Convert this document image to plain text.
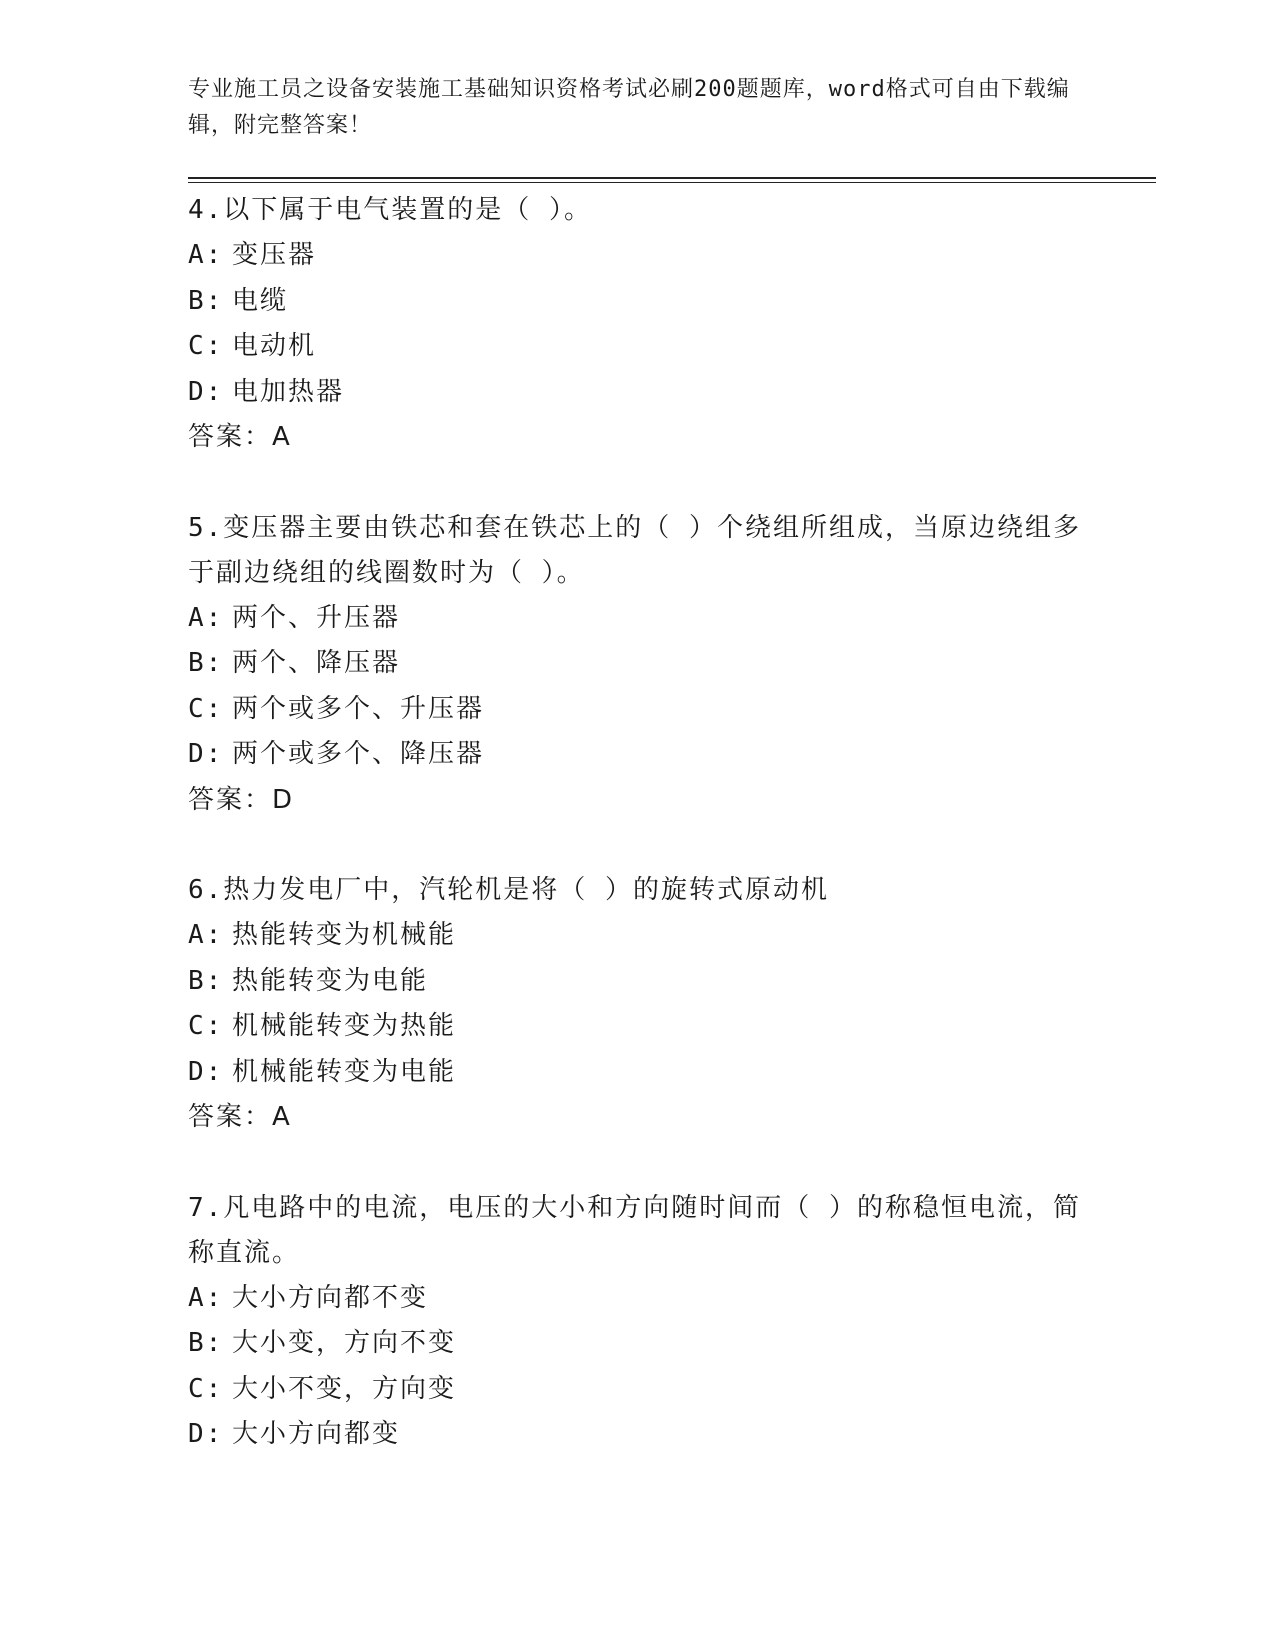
专业施工员之设备安装施工基础知识资格考试必刷200题题库，word格式可自由下载编辑，附完整答案！
4.以下属于电气装置的是（ ）。
A: 变压器
B: 电缆
C: 电动机
D: 电加热器
答案：A
5.变压器主要由铁芯和套在铁芯上的（ ）个绕组所组成，当原边绕组多于副边绕组的线圈数时为（ ）。
A: 两个、升压器
B: 两个、降压器
C: 两个或多个、升压器
D: 两个或多个、降压器
答案：D
6.热力发电厂中，汽轮机是将（ ）的旋转式原动机
A: 热能转变为机械能
B: 热能转变为电能
C: 机械能转变为热能
D: 机械能转变为电能
答案：A
7.凡电路中的电流，电压的大小和方向随时间而（ ）的称稳恒电流，简称直流。
A: 大小方向都不变
B: 大小变，方向不变
C: 大小不变，方向变
D: 大小方向都变
